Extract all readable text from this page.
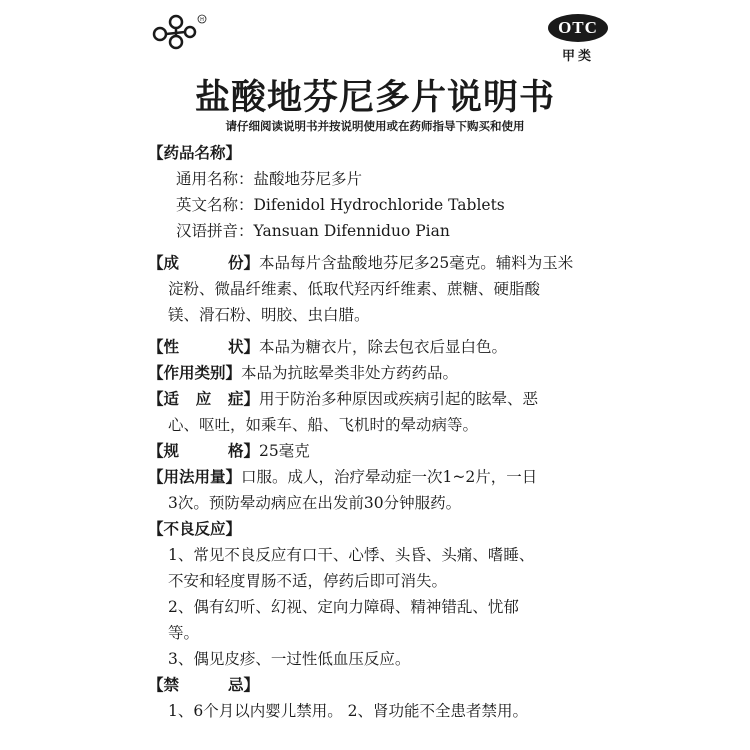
H	OTC
甲类
盐酸地芬尼多片说明书
请仔细阅读说明书并按说明使用或在药师指导下购买和使用
【药品名称】
通用名称：盐酸地芬尼多片
英文名称：Difenidol Hydrochloride Tablets
汉语拼音：Yansuan Difenniduo Pian
【成份】本品每片含盐酸地芬尼多25毫克。辅料为玉米
淀粉、微晶纤维素、低取代羟丙纤维素、蔗糖、硬脂酸
镁、滑石粉、明胶、虫白腊。
【性状】本品为糖衣片，除去包衣后显白色。
【作用类别】本品为抗眩晕类非处方药药品。
【适应症】用于防治多种原因或疾病引起的眩晕、恶
心、呕吐，如乘车、船、飞机时的晕动病等。
【规格】25毫克
【用法用量】口服。成人，治疗晕动症一次1~2片，一日
3次。预防晕动病应在出发前30分钟服药。
【不良反应】
1、常见不良反应有口干、心悸、头昏、头痛、嗜睡、
不安和轻度胃肠不适，停药后即可消失。
2、偶有幻听、幻视、定向力障碍、精神错乱、忧郁
等。
3、偶见皮疹、一过性低血压反应。
【禁忌】
1、6个月以内婴儿禁用。 2、肾功能不全患者禁用。
